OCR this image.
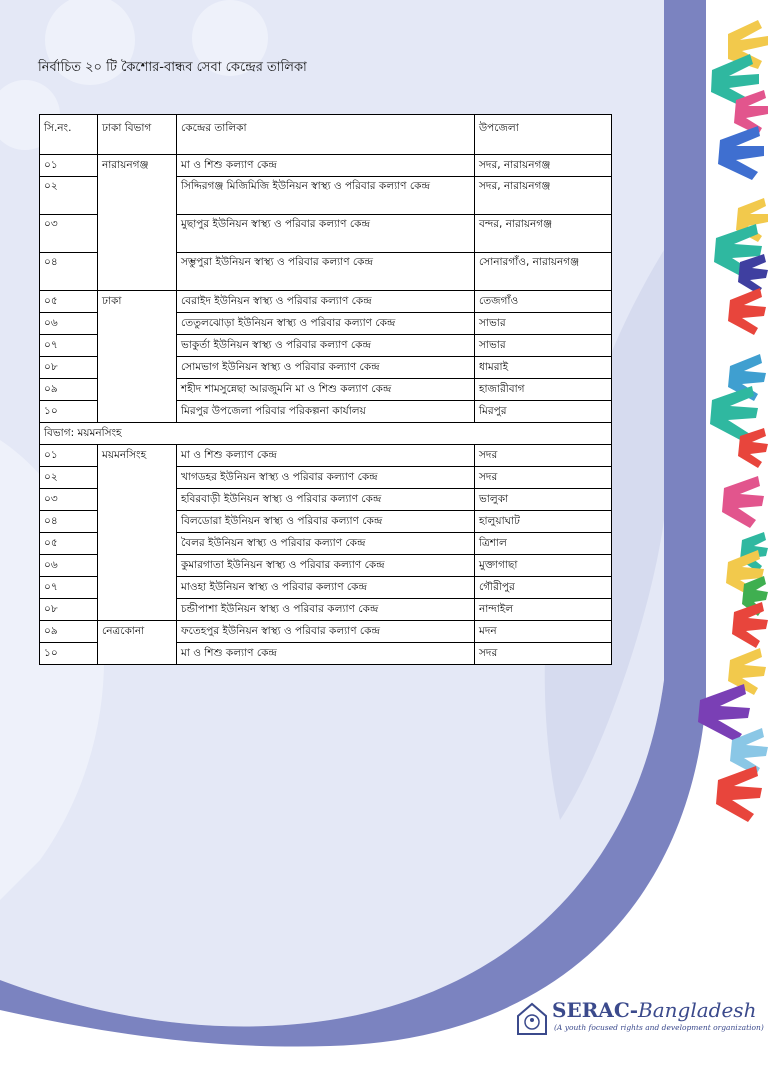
নির্বাচিত ২০ টি কৈশোর-বান্ধব সেবা কেন্দ্রের তালিকা
সি.নং.	ঢাকা বিভাগ	কেন্দ্রের তালিকা	উপজেলা
০১	নারায়নগঞ্জ	মা ও শিশু কল্যাণ কেন্দ্র	সদর, নারায়নগঞ্জ
০২		সিদ্দিরগঞ্জ মিজিমিজি ইউনিয়ন স্বাস্থ্য ও পরিবার কল্যাণ কেন্দ্র	সদর, নারায়নগঞ্জ
০৩		মুছাপুর ইউনিয়ন স্বাস্থ্য ও পরিবার কল্যাণ কেন্দ্র	বন্দর, নারায়নগঞ্জ
০৪		সম্ভুপুরা ইউনিয়ন স্বাস্থ্য ও পরিবার কল্যাণ কেন্দ্র	সোনারগাঁও, নারায়নগঞ্জ
০৫	ঢাকা	বেরাইদ ইউনিয়ন স্বাস্থ্য ও পরিবার কল্যাণ কেন্দ্র	তেজগাঁও
০৬		তেতুলঝোড়া ইউনিয়ন স্বাস্থ্য ও পরিবার কল্যাণ কেন্দ্র	সাভার
০৭		ভাকুর্তা ইউনিয়ন স্বাস্থ্য ও পরিবার কল্যাণ কেন্দ্র	সাভার
০৮		সোমভাগ ইউনিয়ন স্বাস্থ্য ও পরিবার কল্যাণ কেন্দ্র	ধামরাই
০৯		শহীদ শামসুন্নেছা আরজুমনি মা ও শিশু কল্যাণ কেন্দ্র	হাজারীবাগ
১০		মিরপুর উপজেলা পরিবার পরিকল্পনা কার্যালয়	মিরপুর
বিভাগ: ময়মনসিংহ			
০১	ময়মনসিংহ	মা ও শিশু কল্যাণ কেন্দ্র	সদর
০২		খাগডহর ইউনিয়ন স্বাস্থ্য ও পরিবার কল্যাণ কেন্দ্র	সদর
০৩		হবিরবাড়ী ইউনিয়ন স্বাস্থ্য ও পরিবার কল্যাণ কেন্দ্র	ভালুকা
০৪		বিলডোরা ইউনিয়ন স্বাস্থ্য ও পরিবার কল্যাণ কেন্দ্র	হালুয়াঘাট
০৫		বৈলর ইউনিয়ন স্বাস্থ্য ও পরিবার কল্যাণ কেন্দ্র	ত্রিশাল
০৬		কুমারগাতা ইউনিয়ন স্বাস্থ্য ও পরিবার কল্যাণ কেন্দ্র	মুক্তাগাছা
০৭		মাওহা ইউনিয়ন স্বাস্থ্য ও পরিবার কল্যাণ কেন্দ্র	গৌরীপুর
০৮		চন্ডীপাশা ইউনিয়ন স্বাস্থ্য ও পরিবার কল্যাণ কেন্দ্র	নান্দাইল
০৯	নেত্রকোনা	ফতেহপুর ইউনিয়ন স্বাস্থ্য ও পরিবার কল্যাণ কেন্দ্র	মদন
১০		মা ও শিশু কল্যাণ কেন্দ্র	সদর
SERAC-Bangladesh
(A youth focused rights and development organization)
